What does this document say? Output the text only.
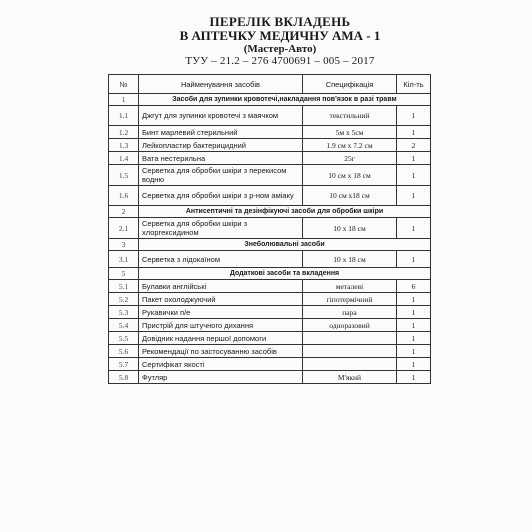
ПЕРЕЛІК ВКЛАДЕНЬ
В АПТЕЧКУ МЕДИЧНУ АМА - 1
(Мастер-Авто)
ТУУ – 21.2 – 276 4700691 – 005 – 2017
№	Найменування засобів	Специфікація	Кіл-ть
1	Засоби для зупинки кровотечі,накладання пов'язок в разі травм		
1.1	Джгут для зупинки кровотечі з маячком	текстильний	1
1.2	Бинт марлевий стерильний	5м х 5см	1
1.3	Лейкопластир бактерицидний	1.9 см х 7.2 см	2
1.4	Вата нестерильна	25г	1
1.5	Серветка для обробки шкіри з перекисом водню	10 см х 18 см	1
1.6	Серветка для обробки шкіри з р-ном аміаку	10 см х18 см	1
2	Антисептичні та дезінфікуючі засоби для обробки шкіри		
2.1	Серветка для обробки шкіри з хлоргексидином	10 х 18 см	1
3	Знеболювальні засоби		
3.1	Серветка з лідокаїном	10 х 18 см	1
5	Додаткові засоби та вкладення		
5.1	Булавки англійські	металеві	6
5.2	Пакет охолоджуючий	гіпотермічний	1
5.3	Рукавички п/е	пара	1
5.4	Пристрій для штучного дихання	одноразовий	1
5.5	Довідник надання першої допомоги		1
5.6	Рекомендації по застосуванню засобів		1
5.7	Сертифікат якості		1
5.8	Футляр	М'який	1
